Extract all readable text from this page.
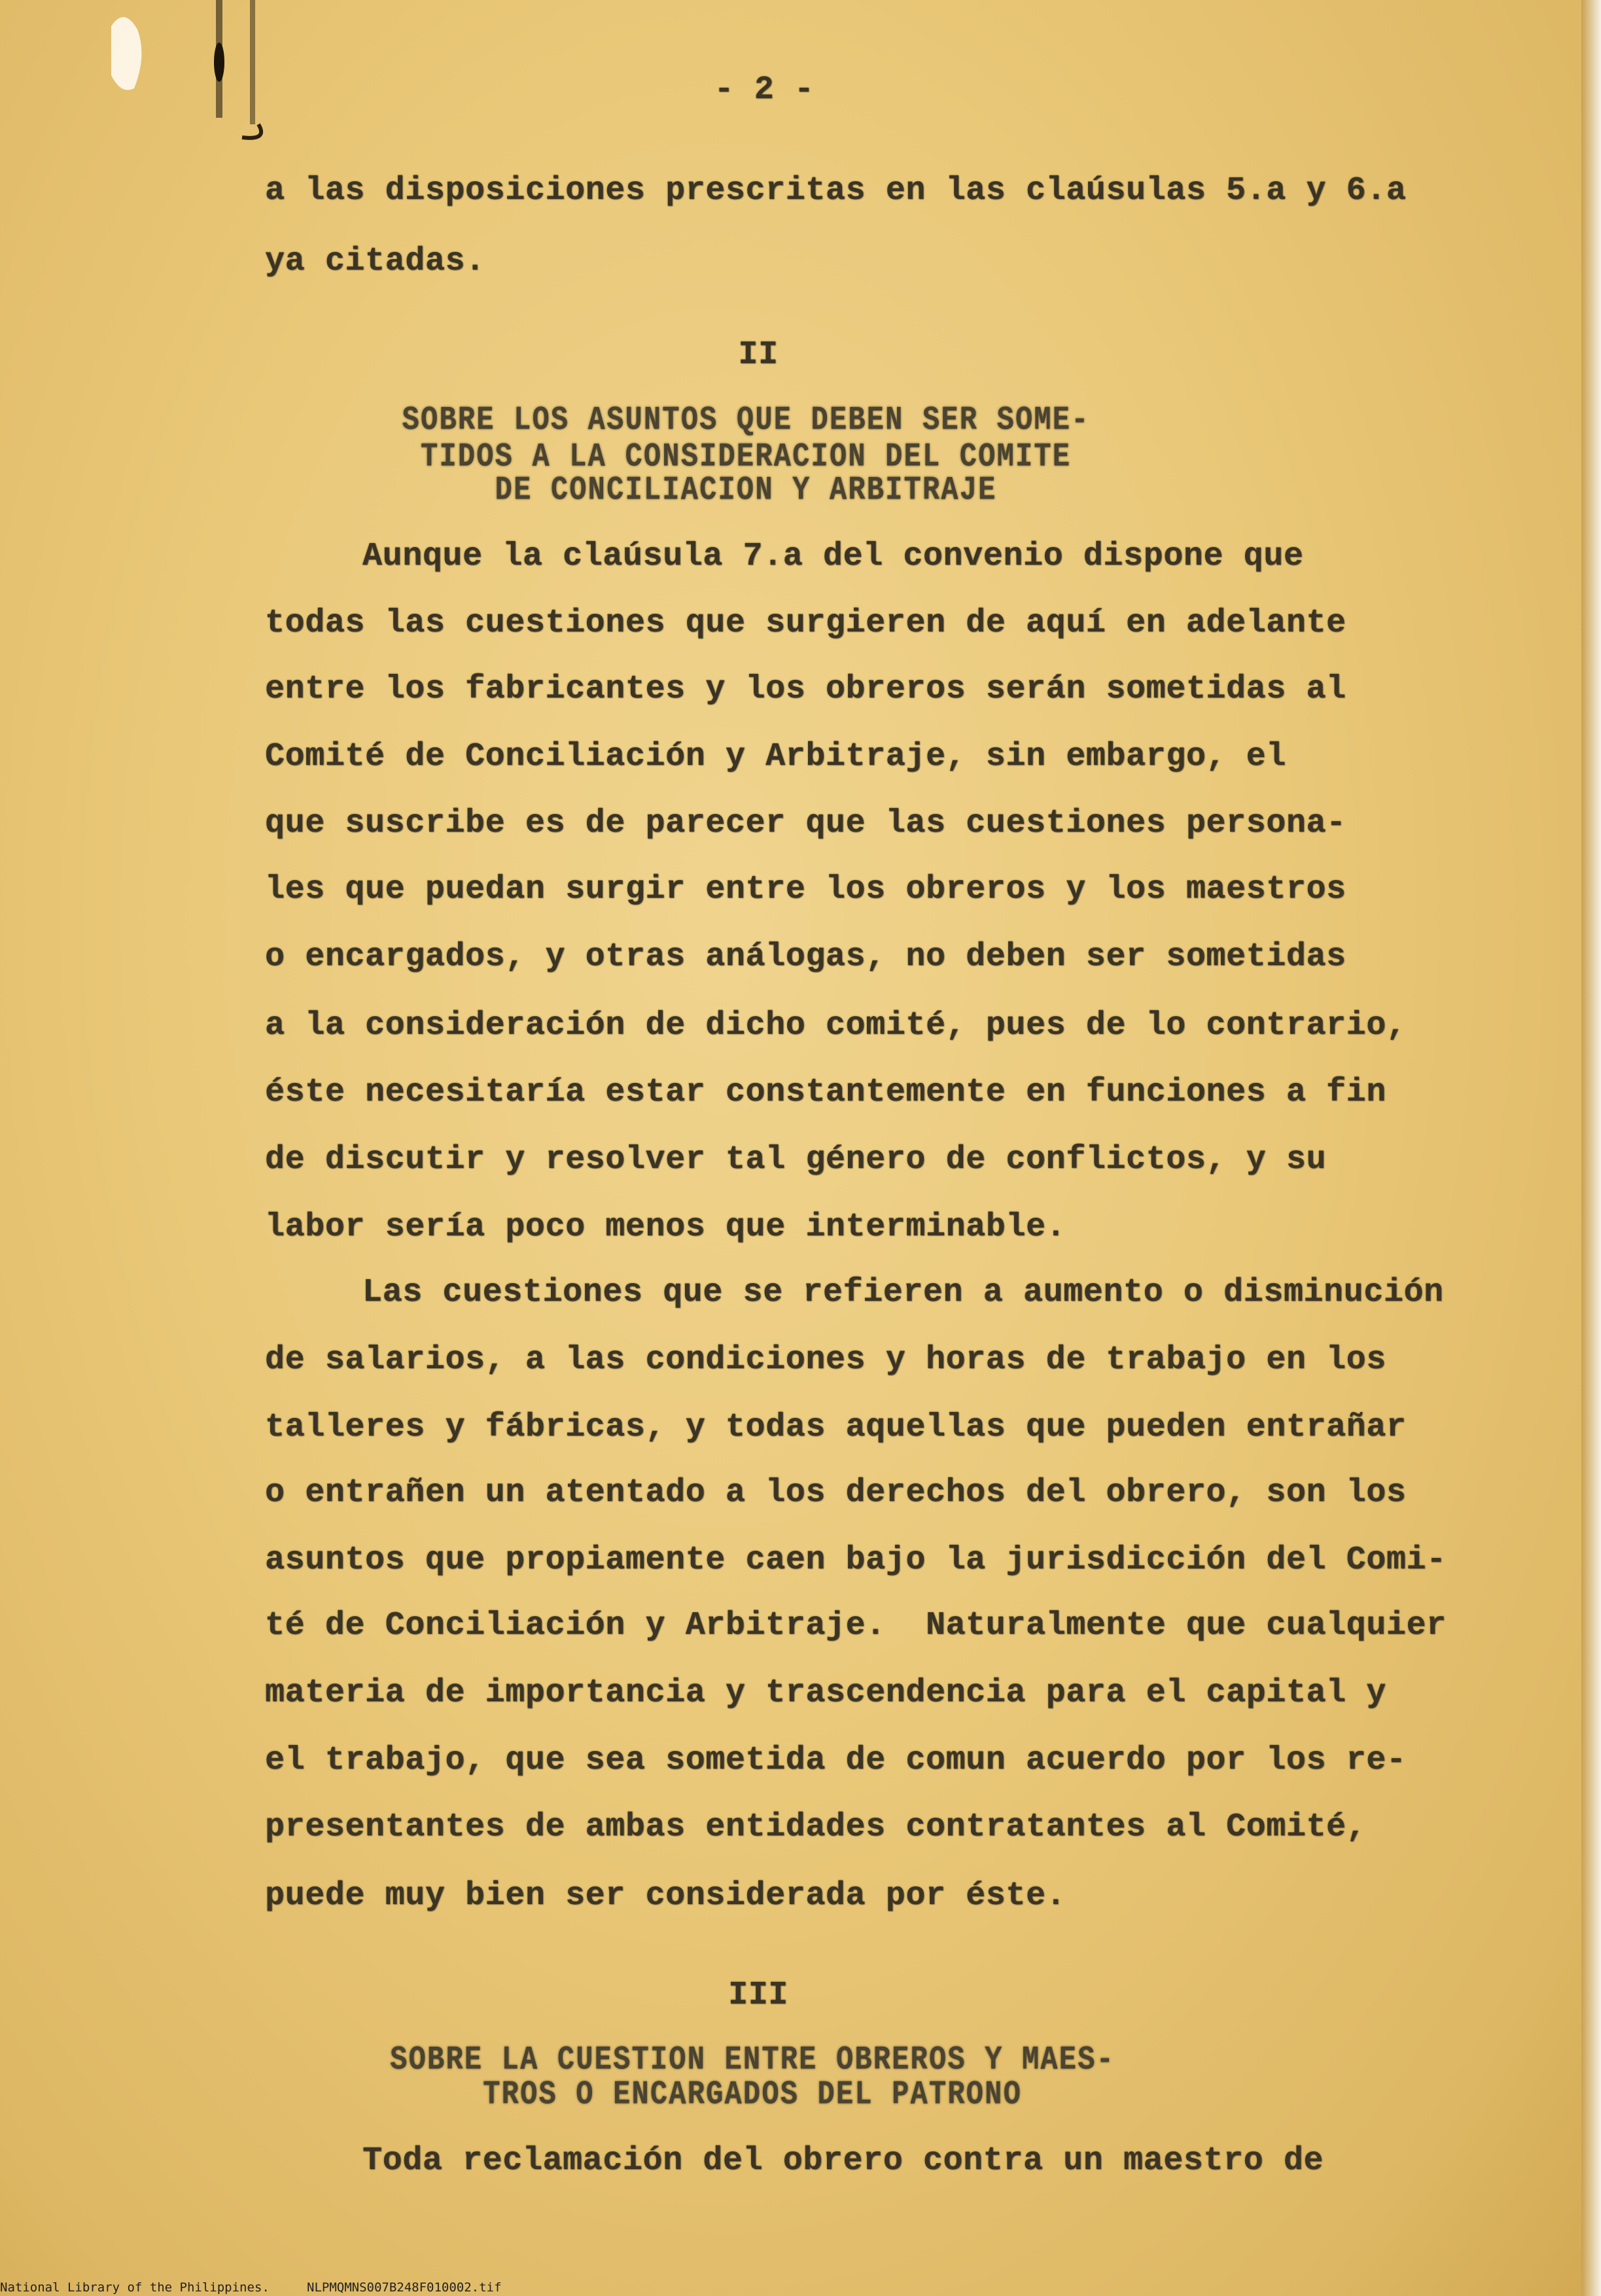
- 2 -
a las disposiciones prescritas en las claúsulas 5.a y 6.a
ya citadas.
II
SOBRE LOS ASUNTOS QUE DEBEN SER SOME-
TIDOS A LA CONSIDERACION DEL COMITE
DE CONCILIACION Y ARBITRAJE
Aunque la claúsula 7.a del convenio dispone que
todas las cuestiones que surgieren de aquí en adelante
entre los fabricantes y los obreros serán sometidas al
Comité de Conciliación y Arbitraje, sin embargo, el
que suscribe es de parecer que las cuestiones persona-
les que puedan surgir entre los obreros y los maestros
o encargados, y otras análogas, no deben ser sometidas
a la consideración de dicho comité, pues de lo contrario,
éste necesitaría estar constantemente en funciones a fin
de discutir y resolver tal género de conflictos, y su
labor sería poco menos que interminable.
Las cuestiones que se refieren a aumento o disminución
de salarios, a las condiciones y horas de trabajo en los
talleres y fábricas, y todas aquellas que pueden entrañar
o entrañen un atentado a los derechos del obrero, son los
asuntos que propiamente caen bajo la jurisdicción del Comi-
té de Conciliación y Arbitraje.  Naturalmente que cualquier
materia de importancia y trascendencia para el capital y
el trabajo, que sea sometida de comun acuerdo por los re-
presentantes de ambas entidades contratantes al Comité,
puede muy bien ser considerada por éste.
III
SOBRE LA CUESTION ENTRE OBREROS Y MAES-
TROS O ENCARGADOS DEL PATRONO
Toda reclamación del obrero contra un maestro de
National Library of the Philippines.	NLPMQMNS007B248F010002.tif
